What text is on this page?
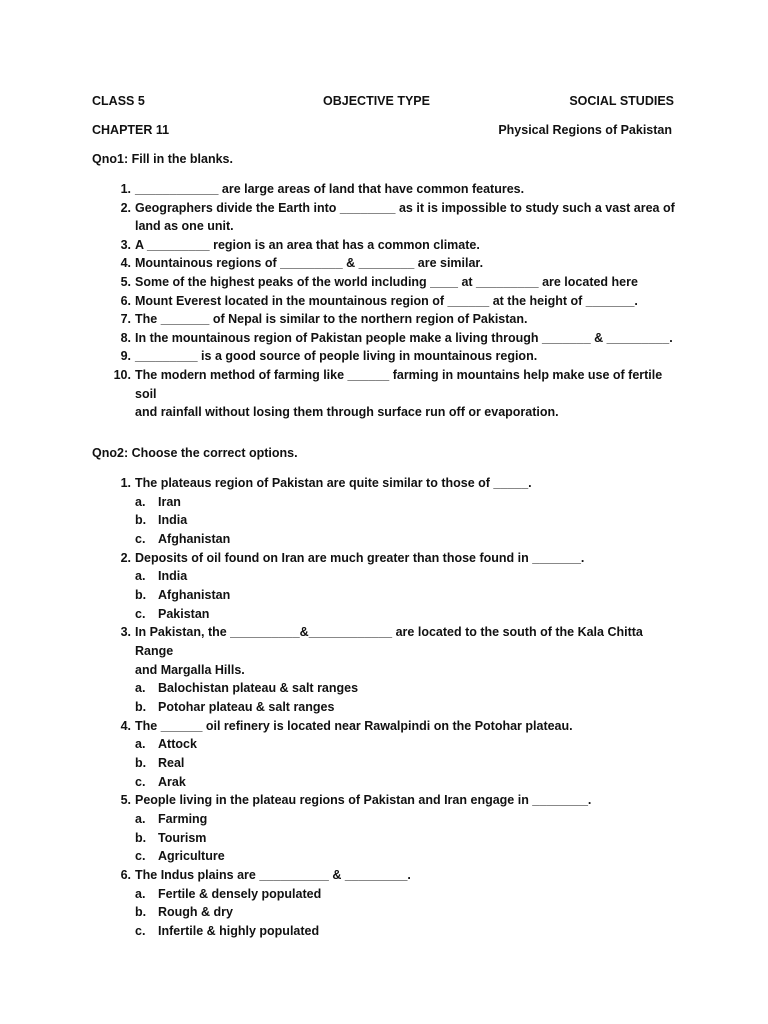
CLASS 5	OBJECTIVE TYPE	SOCIAL STUDIES
CHAPTER 11	Physical Regions of Pakistan
Qno1: Fill in the blanks.
1. ____________ are large areas of land that have common features.
2. Geographers divide the Earth into ________ as it is impossible to study such a vast area of
land as one unit.
3. A _________ region is an area that has a common climate.
4. Mountainous regions of _________ & ________ are similar.
5. Some of the highest peaks of the world including ____ at _________ are located here
6. Mount Everest located in the mountainous region of ______ at the height of _______.
7. The _______ of Nepal is similar to the northern region of Pakistan.
8. In the mountainous region of Pakistan people make a living through _______ & _________.
9. _________ is a good source of people living in mountainous region.
10. The modern method of farming like ______ farming in mountains help make use of fertile soil
and rainfall without losing them through surface run off or evaporation.
Qno2: Choose the correct options.
1. The plateaus region of Pakistan are quite similar to those of _____.
a.	Iran
b. India
c.	Afghanistan
2. Deposits of oil found on Iran are much greater than those found in _______.
a.	India
b. Afghanistan
c.	Pakistan
3. In Pakistan, the __________&____________ are located to the south of the Kala Chitta Range
and Margalla Hills.
a.	Balochistan plateau & salt ranges
b. Potohar plateau & salt ranges
4. The ______ oil refinery is located near Rawalpindi on the Potohar plateau.
a.	Attock
b. Real
c.	Arak
5. People living in the plateau regions of Pakistan and Iran engage in ________.
a.	Farming
b. Tourism
c.	Agriculture
6. The Indus plains are __________ & _________.
a.	Fertile & densely populated
b. Rough & dry
c.	Infertile & highly populated
